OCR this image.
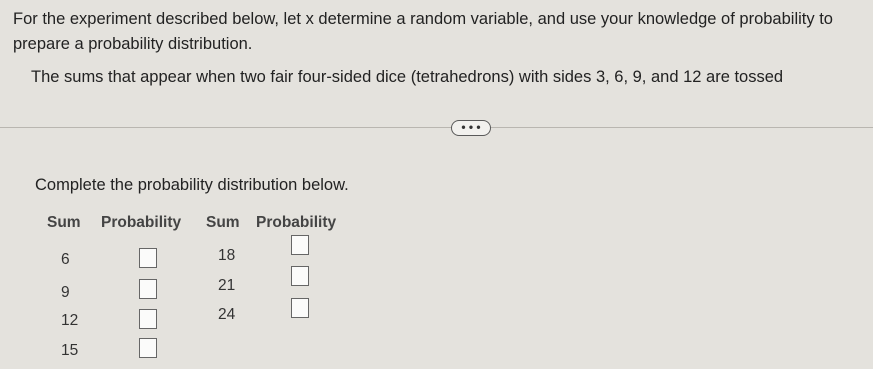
For the experiment described below, let x determine a random variable, and use your knowledge of probability to prepare a probability distribution.
The sums that appear when two fair four-sided dice (tetrahedrons) with sides 3, 6, 9, and 12 are tossed
• • •
Complete the probability distribution below.
Sum Probability Sum Probability
6
9
12
15
18
21
24
